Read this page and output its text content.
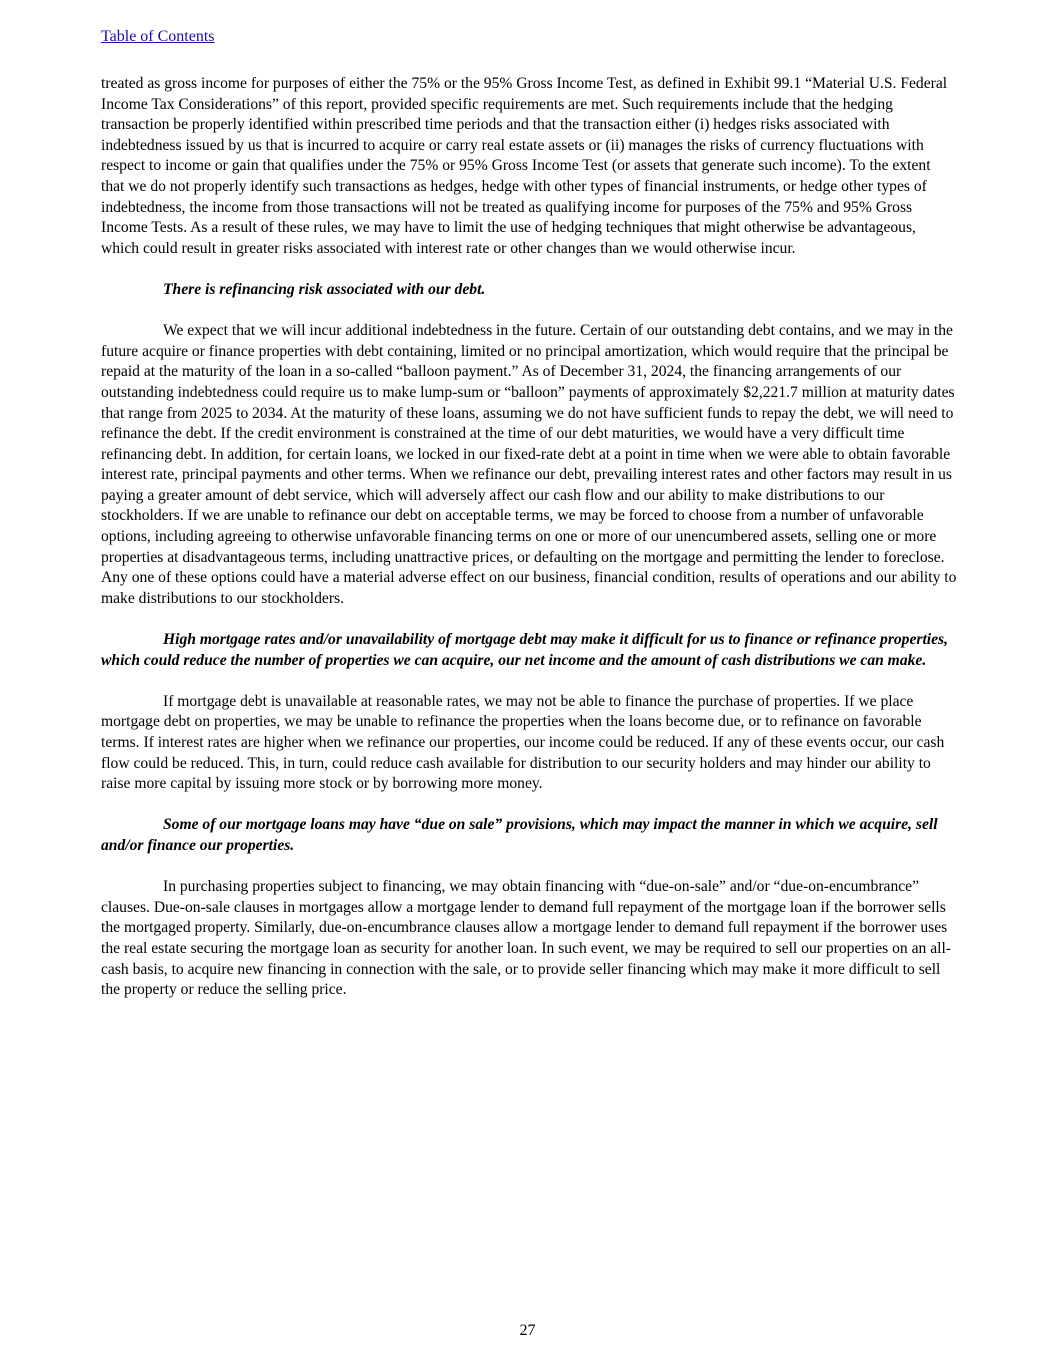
Table of Contents

treated as gross income for purposes of either the 75% or the 95% Gross Income Test, as defined in Exhibit 99.1 “Material U.S. Federal Income Tax Considerations” of this report, provided specific requirements are met. Such requirements include that the hedging transaction be properly identified within prescribed time periods and that the transaction either (i) hedges risks associated with indebtedness issued by us that is incurred to acquire or carry real estate assets or (ii) manages the risks of currency fluctuations with respect to income or gain that qualifies under the 75% or 95% Gross Income Test (or assets that generate such income). To the extent that we do not properly identify such transactions as hedges, hedge with other types of financial instruments, or hedge other types of indebtedness, the income from those transactions will not be treated as qualifying income for purposes of the 75% and 95% Gross Income Tests. As a result of these rules, we may have to limit the use of hedging techniques that might otherwise be advantageous, which could result in greater risks associated with interest rate or other changes than we would otherwise incur.

There is refinancing risk associated with our debt.

We expect that we will incur additional indebtedness in the future. Certain of our outstanding debt contains, and we may in the future acquire or finance properties with debt containing, limited or no principal amortization, which would require that the principal be repaid at the maturity of the loan in a so-called “balloon payment.” As of December 31, 2024, the financing arrangements of our outstanding indebtedness could require us to make lump-sum or “balloon” payments of approximately $2,221.7 million at maturity dates that range from 2025 to 2034. At the maturity of these loans, assuming we do not have sufficient funds to repay the debt, we will need to refinance the debt. If the credit environment is constrained at the time of our debt maturities, we would have a very difficult time refinancing debt. In addition, for certain loans, we locked in our fixed-rate debt at a point in time when we were able to obtain favorable interest rate, principal payments and other terms. When we refinance our debt, prevailing interest rates and other factors may result in us paying a greater amount of debt service, which will adversely affect our cash flow and our ability to make distributions to our stockholders. If we are unable to refinance our debt on acceptable terms, we may be forced to choose from a number of unfavorable options, including agreeing to otherwise unfavorable financing terms on one or more of our unencumbered assets, selling one or more properties at disadvantageous terms, including unattractive prices, or defaulting on the mortgage and permitting the lender to foreclose. Any one of these options could have a material adverse effect on our business, financial condition, results of operations and our ability to make distributions to our stockholders.

High mortgage rates and/or unavailability of mortgage debt may make it difficult for us to finance or refinance properties, which could reduce the number of properties we can acquire, our net income and the amount of cash distributions we can make.

If mortgage debt is unavailable at reasonable rates, we may not be able to finance the purchase of properties. If we place mortgage debt on properties, we may be unable to refinance the properties when the loans become due, or to refinance on favorable terms. If interest rates are higher when we refinance our properties, our income could be reduced. If any of these events occur, our cash flow could be reduced. This, in turn, could reduce cash available for distribution to our security holders and may hinder our ability to raise more capital by issuing more stock or by borrowing more money.

Some of our mortgage loans may have “due on sale” provisions, which may impact the manner in which we acquire, sell and/or finance our properties.

In purchasing properties subject to financing, we may obtain financing with “due-on-sale” and/or “due-on-encumbrance” clauses. Due-on-sale clauses in mortgages allow a mortgage lender to demand full repayment of the mortgage loan if the borrower sells the mortgaged property. Similarly, due-on-encumbrance clauses allow a mortgage lender to demand full repayment if the borrower uses the real estate securing the mortgage loan as security for another loan. In such event, we may be required to sell our properties on an all-cash basis, to acquire new financing in connection with the sale, or to provide seller financing which may make it more difficult to sell the property or reduce the selling price.

27
